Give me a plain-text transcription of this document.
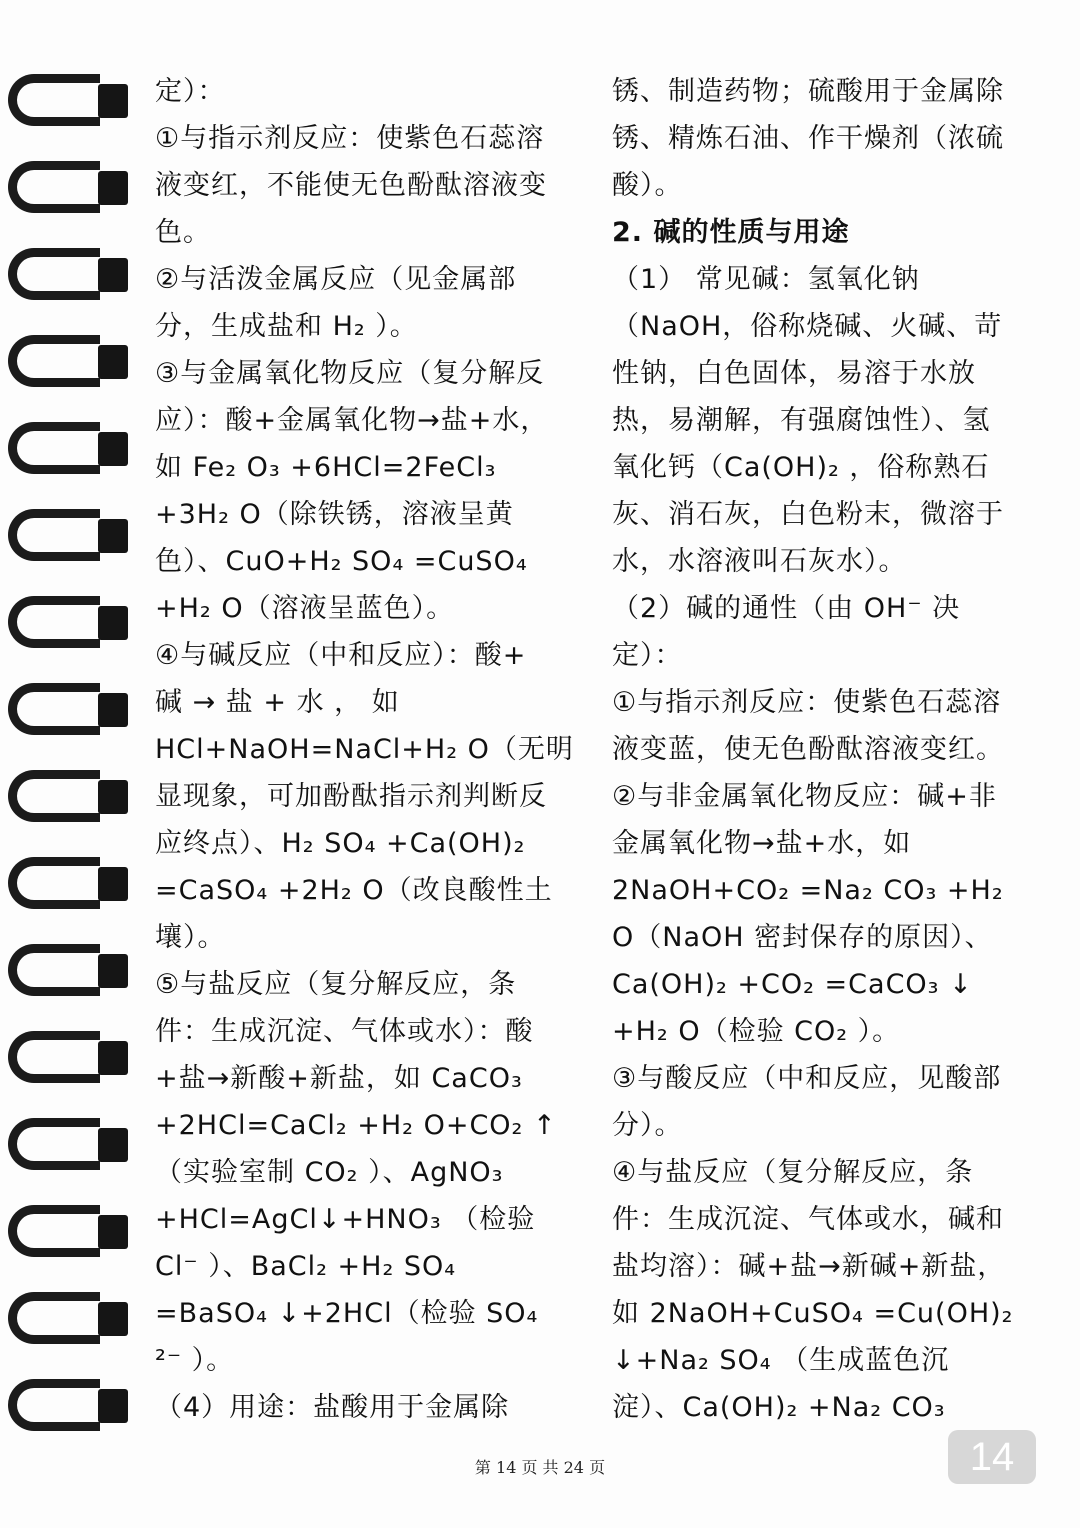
定）：
①与指示剂反应：使紫色石蕊溶
液变红，不能使无色酚酞溶液变
色。
②与活泼金属反应（见金属部
分，生成盐和 H₂ ）。
③与金属氧化物反应（复分解反
应）：酸+金属氧化物→盐+水，
如 Fe₂ O₃ +6HCl=2FeCl₃
+3H₂ O（除铁锈，溶液呈黄
色）、CuO+H₂ SO₄ =CuSO₄
+H₂ O（溶液呈蓝色）。
④与碱反应（中和反应）：酸+
碱 → 盐 + 水 ， 如
HCl+NaOH=NaCl+H₂ O（无明
显现象，可加酚酞指示剂判断反
应终点）、H₂ SO₄ +Ca(OH)₂
=CaSO₄ +2H₂ O（改良酸性土
壤）。
⑤与盐反应（复分解反应，条
件：生成沉淀、气体或水）：酸
+盐→新酸+新盐，如 CaCO₃
+2HCl=CaCl₂ +H₂ O+CO₂ ↑
（实验室制 CO₂ ）、AgNO₃
+HCl=AgCl↓+HNO₃ （检验
Cl⁻ ）、BaCl₂ +H₂ SO₄
=BaSO₄ ↓+2HCl（检验 SO₄
²⁻ ）。
（4）用途：盐酸用于金属除
锈、制造药物；硫酸用于金属除
锈、精炼石油、作干燥剂（浓硫
酸）。
2. 碱的性质与用途
（1） 常见碱：氢氧化钠
（NaOH，俗称烧碱、火碱、苛
性钠，白色固体，易溶于水放
热，易潮解，有强腐蚀性）、氢
氧化钙（Ca(OH)₂ ，俗称熟石
灰、消石灰，白色粉末，微溶于
水，水溶液叫石灰水）。
（2）碱的通性（由 OH⁻ 决
定）：
①与指示剂反应：使紫色石蕊溶
液变蓝，使无色酚酞溶液变红。
②与非金属氧化物反应：碱+非
金属氧化物→盐+水，如
2NaOH+CO₂ =Na₂ CO₃ +H₂
O（NaOH 密封保存的原因）、
Ca(OH)₂ +CO₂ =CaCO₃ ↓
+H₂ O（检验 CO₂ ）。
③与酸反应（中和反应，见酸部
分）。
④与盐反应（复分解反应，条
件：生成沉淀、气体或水，碱和
盐均溶）：碱+盐→新碱+新盐，
如 2NaOH+CuSO₄ =Cu(OH)₂
↓+Na₂ SO₄ （生成蓝色沉
淀）、Ca(OH)₂ +Na₂ CO₃
第 14 页 共 24 页	14
